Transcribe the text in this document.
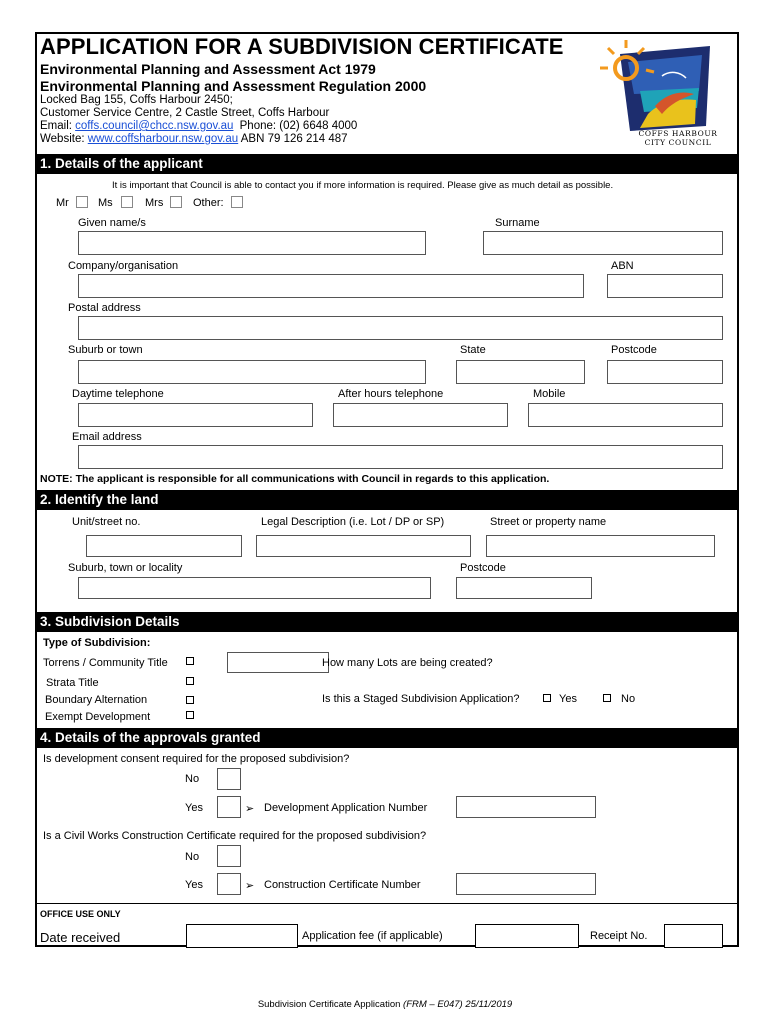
APPLICATION FOR A SUBDIVISION CERTIFICATE
Environmental Planning and Assessment Act 1979
Environmental Planning and Assessment Regulation 2000
Locked Bag 155, Coffs Harbour 2450;
Customer Service Centre, 2 Castle Street, Coffs Harbour
Email: coffs.council@chcc.nsw.gov.au Phone: (02) 6648 4000
Website: www.coffsharbour.nsw.gov.au ABN 79 126 214 487	COFFS HARBOUR
CITY COUNCIL
1. Details of the applicant
It is important that Council is able to contact you if more information is required. Please give as much detail as possible.
Mr	Ms	Mrs	Other:
Given name/s	Surname
Company/organisation	ABN
Postal address
Suburb or town	State	Postcode
Daytime telephone	After hours telephone	Mobile
Email address
NOTE: The applicant is responsible for all communications with Council in regards to this application.
2. Identify the land
Unit/street no.	Legal Description (i.e. Lot / DP or SP)	Street or property name
Suburb, town or locality	Postcode
3. Subdivision Details
Type of Subdivision:
Torrens / Community Title
Strata Title
Boundary Alternation
Exempt Development
How many Lots are being created?
Is this a Staged Subdivision Application?	Yes	No
4. Details of the approvals granted
Is development consent required for the proposed subdivision?
No
Yes	➢ Development Application Number
Is a Civil Works Construction Certificate required for the proposed subdivision?
No
Yes	➢ Construction Certificate Number
OFFICE USE ONLY
Date received	Application fee (if applicable)	Receipt No.
Subdivision Certificate Application (FRM – E047) 25/11/2019
